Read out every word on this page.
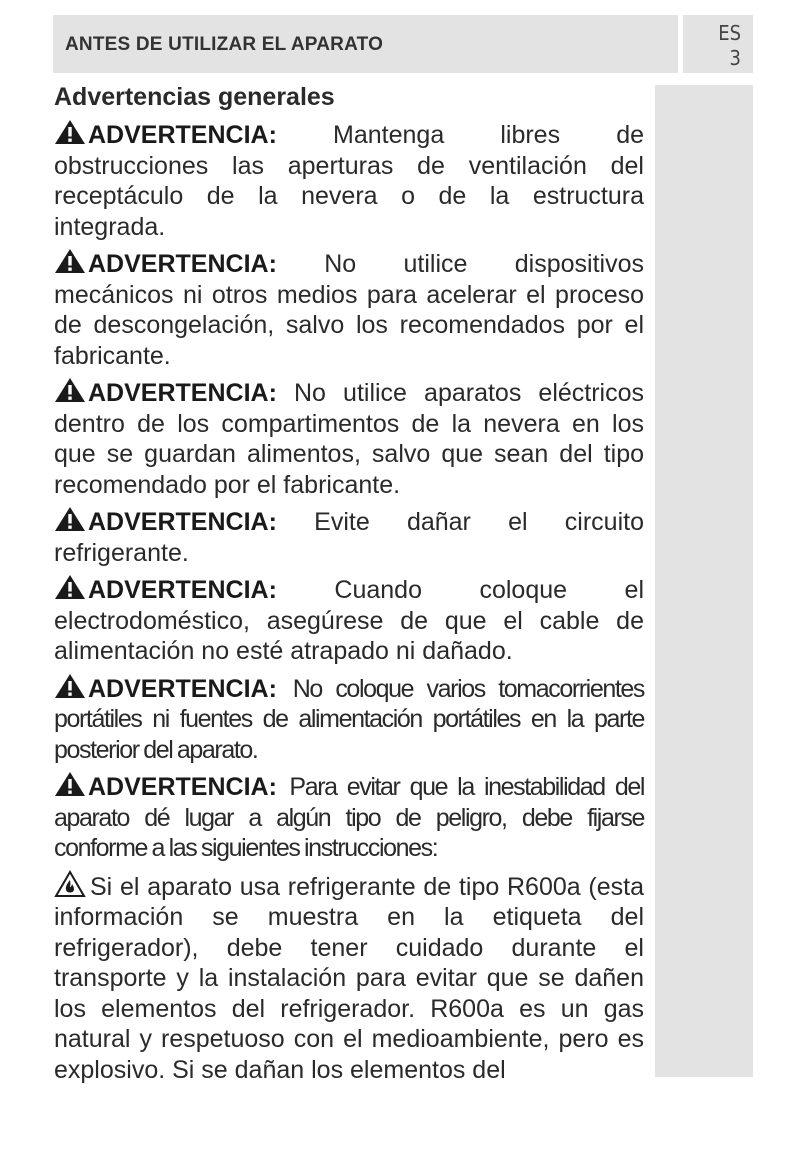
ANTES DE UTILIZAR EL APARATO	ES
3
Advertencias generales

ADVERTENCIA: Mantenga libres de obstrucciones las aperturas de ventilación del receptáculo de la nevera o de la estructura integrada.

ADVERTENCIA: No utilice dispositivos mecánicos ni otros medios para acelerar el proceso de descongelación, salvo los recomendados por el fabricante.

ADVERTENCIA: No utilice aparatos eléctricos dentro de los compartimentos de la nevera en los que se guardan alimentos, salvo que sean del tipo recomendado por el fabricante.

ADVERTENCIA: Evite dañar el circuito refrigerante.

ADVERTENCIA: Cuando coloque el electrodoméstico, asegúrese de que el cable de alimentación no esté atrapado ni dañado.

ADVERTENCIA: No coloque varios tomacorrientes portátiles ni fuentes de alimentación portátiles en la parte posterior del aparato.

ADVERTENCIA: Para evitar que la inestabilidad del aparato dé lugar a algún tipo de peligro, debe fijarse conforme a las siguientes instrucciones:

Si el aparato usa refrigerante de tipo R600a (esta información se muestra en la etiqueta del refrigerador), debe tener cuidado durante el transporte y la instalación para evitar que se dañen los elementos del refrigerador. R600a es un gas natural y respetuoso con el medioambiente, pero es explosivo. Si se dañan los elementos del
